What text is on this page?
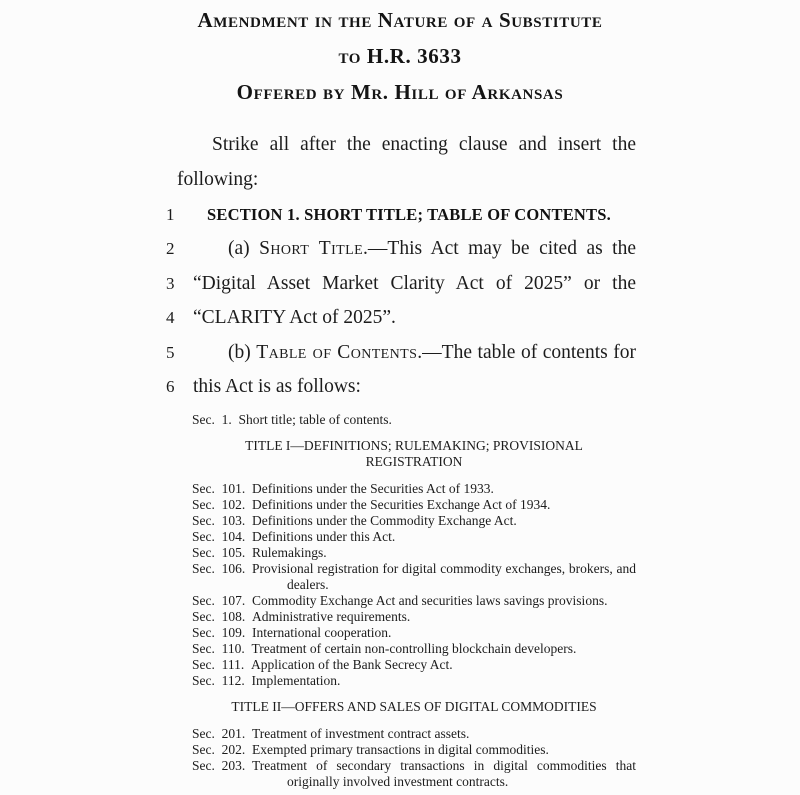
Amendment in the Nature of a Substitute
to H.R. 3633
Offered by Mr. Hill of Arkansas
Strike all after the enacting clause and insert the
following:
1	SECTION 1. SHORT TITLE; TABLE OF CONTENTS.
2	(a) Short Title.—This Act may be cited as the
3 “Digital Asset Market Clarity Act of 2025” or the
4 “CLARITY Act of 2025”.
5	(b) Table of Contents.—The table of contents for
6 this Act is as follows:
Sec. 1. Short title; table of contents.
TITLE I—DEFINITIONS; RULEMAKING; PROVISIONAL
REGISTRATION
Sec. 101. Definitions under the Securities Act of 1933.
Sec. 102. Definitions under the Securities Exchange Act of 1934.
Sec. 103. Definitions under the Commodity Exchange Act.
Sec. 104. Definitions under this Act.
Sec. 105. Rulemakings.
Sec. 106. Provisional registration for digital commodity exchanges, brokers, and
dealers.
Sec. 107. Commodity Exchange Act and securities laws savings provisions.
Sec. 108. Administrative requirements.
Sec. 109. International cooperation.
Sec. 110. Treatment of certain non-controlling blockchain developers.
Sec. 111. Application of the Bank Secrecy Act.
Sec. 112. Implementation.
TITLE II—OFFERS AND SALES OF DIGITAL COMMODITIES
Sec. 201. Treatment of investment contract assets.
Sec. 202. Exempted primary transactions in digital commodities.
Sec. 203. Treatment of secondary transactions in digital commodities that
originally involved investment contracts.
